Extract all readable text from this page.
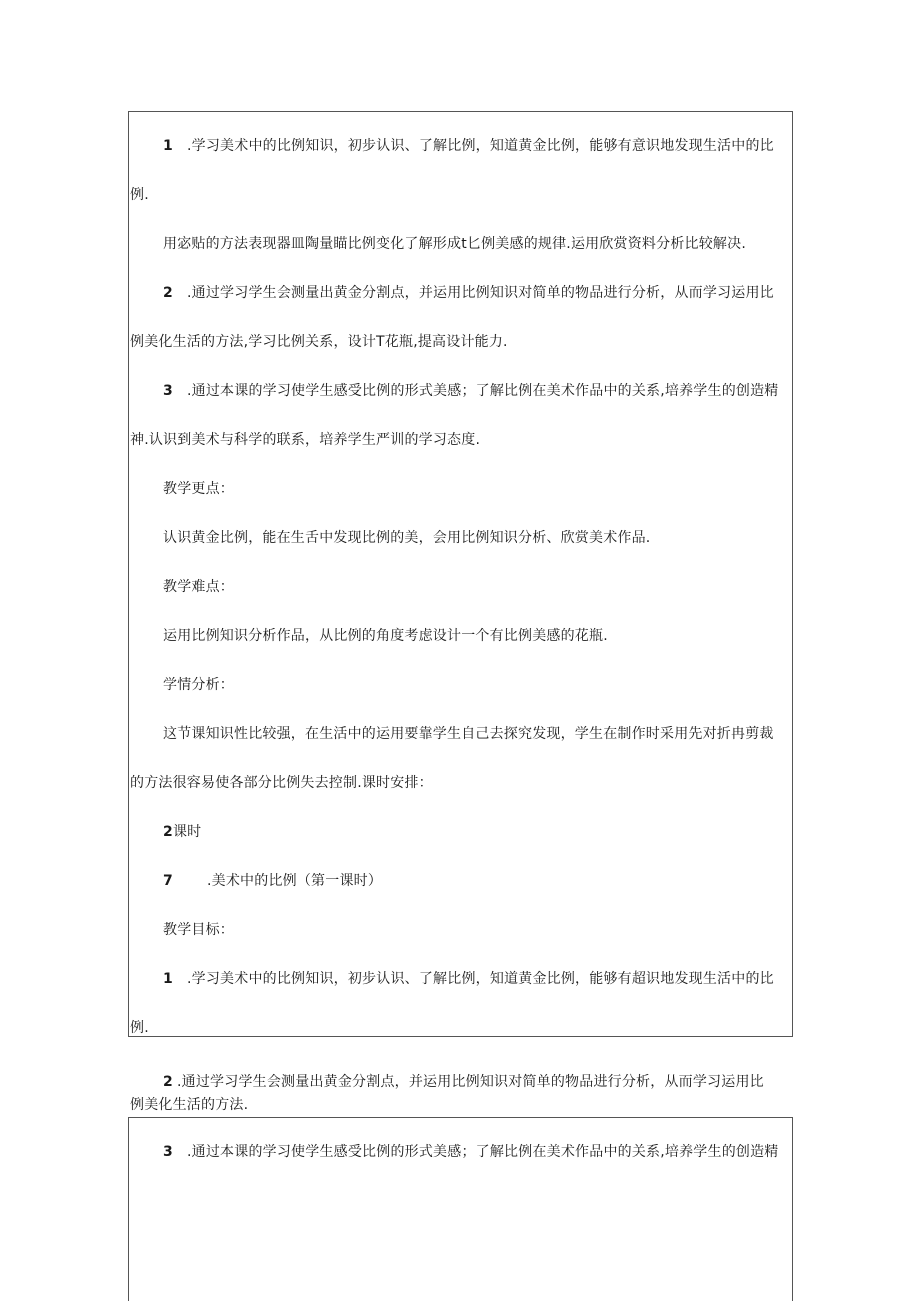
1 .学习美术中的比例知识，初步认识、了解比例，知道黄金比例，能够有意识地发现生活中的比
例.
用宓贴的方法表现器皿陶量瞄比例变化了解形成t匕例美感的规律.运用欣赏资料分析比较解决.
2 .通过学习学生会测量出黄金分割点，并运用比例知识对简单的物品进行分析，从而学习运用比
例美化生活的方法,学习比例关系，设计T花瓶,提高设计能力.
3 .通过本课的学习使学生感受比例的形式美感；了解比例在美术作品中的关系,培养学生的创造精
神.认识到美术与科学的联系，培养学生严训的学习态度.
教学更点：
认识黄金比例，能在生舌中发现比例的美，会用比例知识分析、欣赏美术作品.
教学难点：
运用比例知识分析作品，从比例的角度考虑设计一个有比例美感的花瓶.
学情分析：
这节课知识性比较强，在生活中的运用要靠学生自己去探究发现，学生在制作时采用先对折冉剪裁
的方法很容易使各部分比例失去控制.课时安排：
2课时
7 .美术中的比例（第一课时）
教学目标：
1 .学习美术中的比例知识，初步认识、了解比例，知道黄金比例，能够有超识地发现生活中的比
例.
2 .通过学习学生会测量出黄金分割点，并运用比例知识对简单的物品进行分析，从而学习运用比
例美化生活的方法.
3 .通过本课的学习使学生感受比例的形式美感；了解比例在美术作品中的关系,培养学生的创造精
